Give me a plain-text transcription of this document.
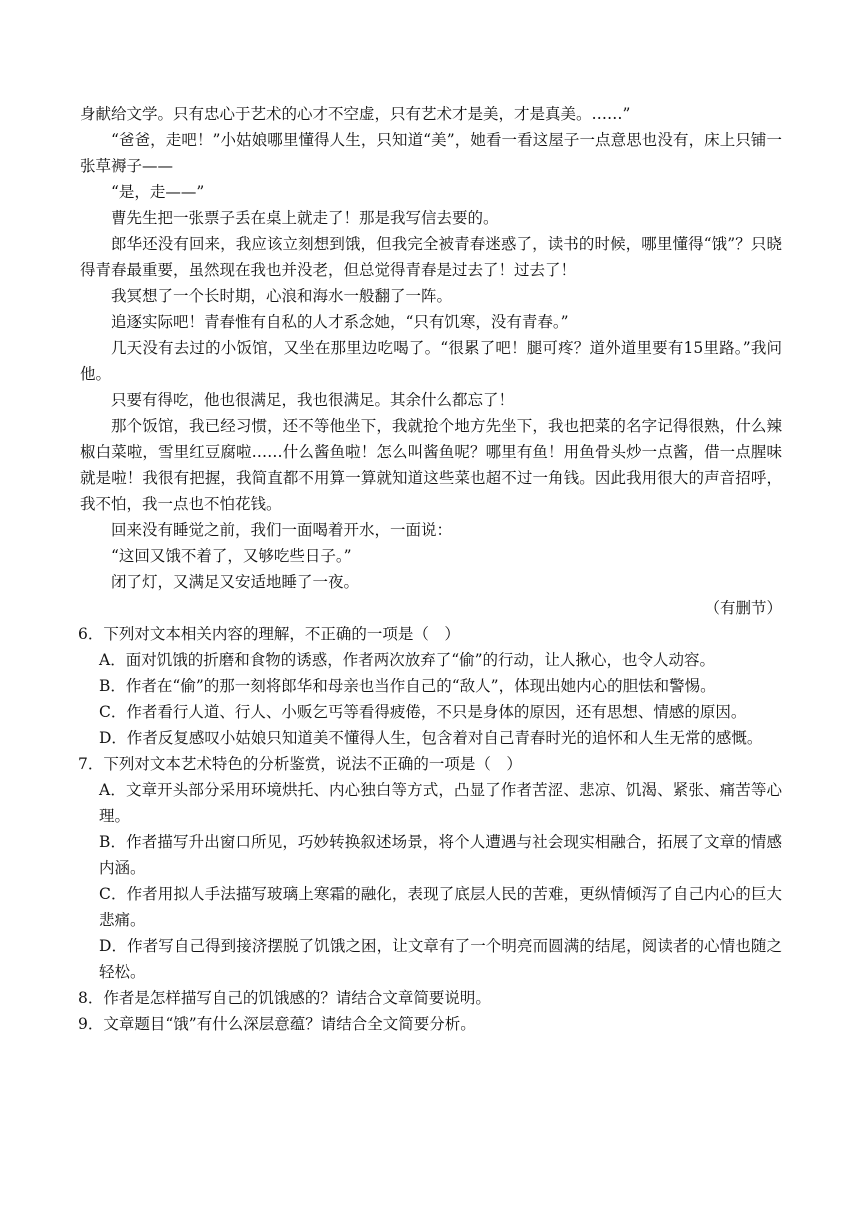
身献给文学。只有忠心于艺术的心才不空虚，只有艺术才是美，才是真美。……”

“爸爸，走吧！”小姑娘哪里懂得人生，只知道“美”，她看一看这屋子一点意思也没有，床上只铺一张草褥子——

“是，走——”

曹先生把一张票子丢在桌上就走了！那是我写信去要的。

郎华还没有回来，我应该立刻想到饿，但我完全被青春迷惑了，读书的时候，哪里懂得“饿”？只晓得青春最重要，虽然现在我也并没老，但总觉得青春是过去了！过去了！

我冥想了一个长时期，心浪和海水一般翻了一阵。

追逐实际吧！青春惟有自私的人才系念她，“只有饥寒，没有青春。”

几天没有去过的小饭馆，又坐在那里边吃喝了。“很累了吧！腿可疼？道外道里要有15里路。”我问他。

只要有得吃，他也很满足，我也很满足。其余什么都忘了！

那个饭馆，我已经习惯，还不等他坐下，我就抢个地方先坐下，我也把菜的名字记得很熟，什么辣椒白菜啦，雪里红豆腐啦……什么酱鱼啦！怎么叫酱鱼呢？哪里有鱼！用鱼骨头炒一点酱，借一点腥味就是啦！我很有把握，我简直都不用算一算就知道这些菜也超不过一角钱。因此我用很大的声音招呼，我不怕，我一点也不怕花钱。

回来没有睡觉之前，我们一面喝着开水，一面说：

“这回又饿不着了，又够吃些日子。”

闭了灯，又满足又安适地睡了一夜。

（有删节）

6．下列对文本相关内容的理解，不正确的一项是（　）

A．面对饥饿的折磨和食物的诱惑，作者两次放弃了“偷”的行动，让人揪心，也令人动容。

B．作者在“偷”的那一刻将郎华和母亲也当作自己的“敌人”，体现出她内心的胆怯和警惕。

C．作者看行人道、行人、小贩乞丐等看得疲倦，不只是身体的原因，还有思想、情感的原因。

D．作者反复感叹小姑娘只知道美不懂得人生，包含着对自己青春时光的追怀和人生无常的感慨。

7．下列对文本艺术特色的分析鉴赏，说法不正确的一项是（　）

A．文章开头部分采用环境烘托、内心独白等方式，凸显了作者苦涩、悲凉、饥渴、紧张、痛苦等心理。

B．作者描写升出窗口所见，巧妙转换叙述场景，将个人遭遇与社会现实相融合，拓展了文章的情感内涵。

C．作者用拟人手法描写玻璃上寒霜的融化，表现了底层人民的苦难，更纵情倾泻了自己内心的巨大悲痛。

D．作者写自己得到接济摆脱了饥饿之困，让文章有了一个明亮而圆满的结尾，阅读者的心情也随之轻松。

8．作者是怎样描写自己的饥饿感的？请结合文章简要说明。

9．文章题目“饿”有什么深层意蕴？请结合全文简要分析。
